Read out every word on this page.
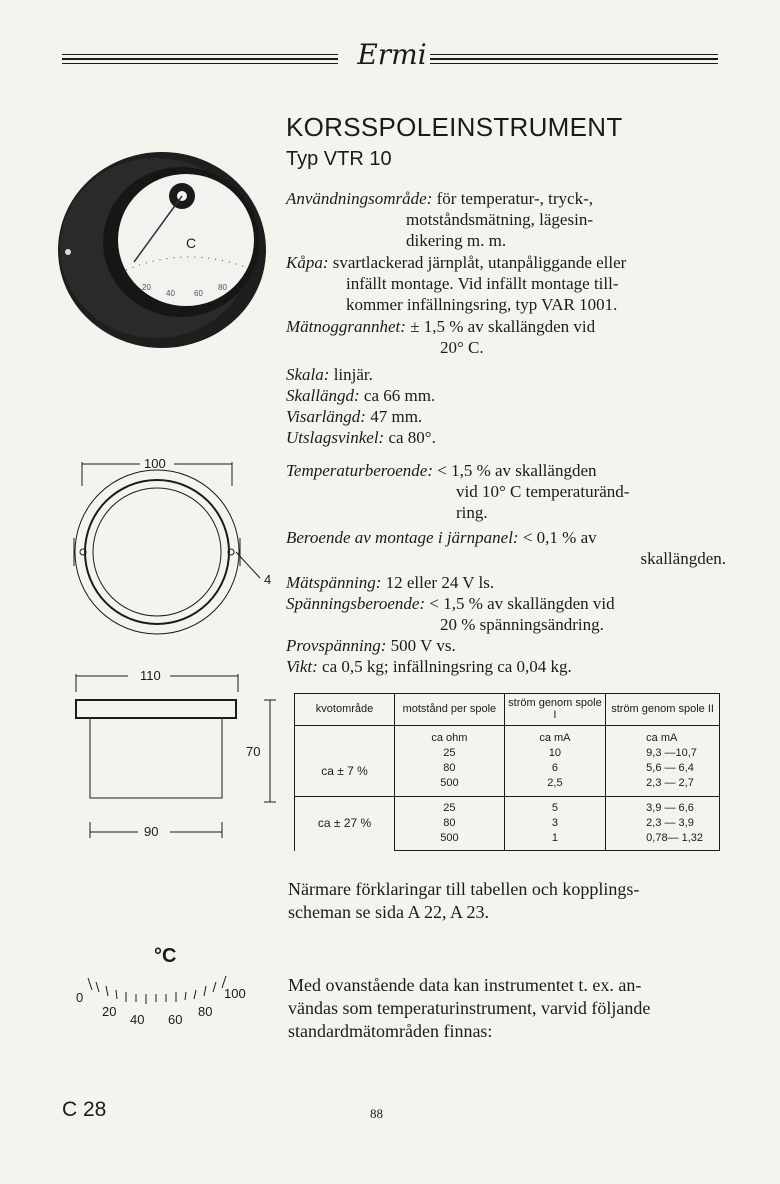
Ermi
KORSSPOLEINSTRUMENT
Typ VTR 10
C
20
40 60
80
100
4
110
70
90
°C
0
20
40 60
80
100
Användningsområde: för temperatur-, tryck-,
motståndsmätning, lägesin-
dikering m. m.
Kåpa: svartlackerad järnplåt, utanpåliggande eller
infällt montage. Vid infällt montage till-
kommer infällningsring, typ VAR 1001.
Mätnoggrannhet: ± 1,5 % av skallängden vid
20° C.
Skala: linjär.
Skallängd: ca 66 mm.
Visarlängd: 47 mm.
Utslagsvinkel: ca 80°.
Temperaturberoende: < 1,5 % av skallängden
vid 10° C temperaturänd-
ring.
Beroende av montage i järnpanel: < 0,1 % av
skallängden.
Mätspänning: 12 eller 24 V ls.
Spänningsberoende: < 1,5 % av skallängden vid
20 % spänningsändring.
Provspänning: 500 V vs.
Vikt: ca 0,5 kg; infällningsring ca 0,04 kg.
kvotområde	motstånd per spole	ström genom spole I	ström genom spole II
	ca ohm	ca mA	ca mA
ca ± 7 %	25	10	9,3 —10,7
	80	6	5,6 — 6,4
	500	2,5	2,3 — 2,7
ca ± 27 %	25	5	3,9 — 6,6
	80	3	2,3 — 3,9
	500	1	0,78— 1,32
Närmare förklaringar till tabellen och kopplings-
scheman se sida A 22, A 23.
Med ovanstående data kan instrumentet t. ex. an-
vändas som temperaturinstrument, varvid följande
standardmätområden finnas:
88
C 28
